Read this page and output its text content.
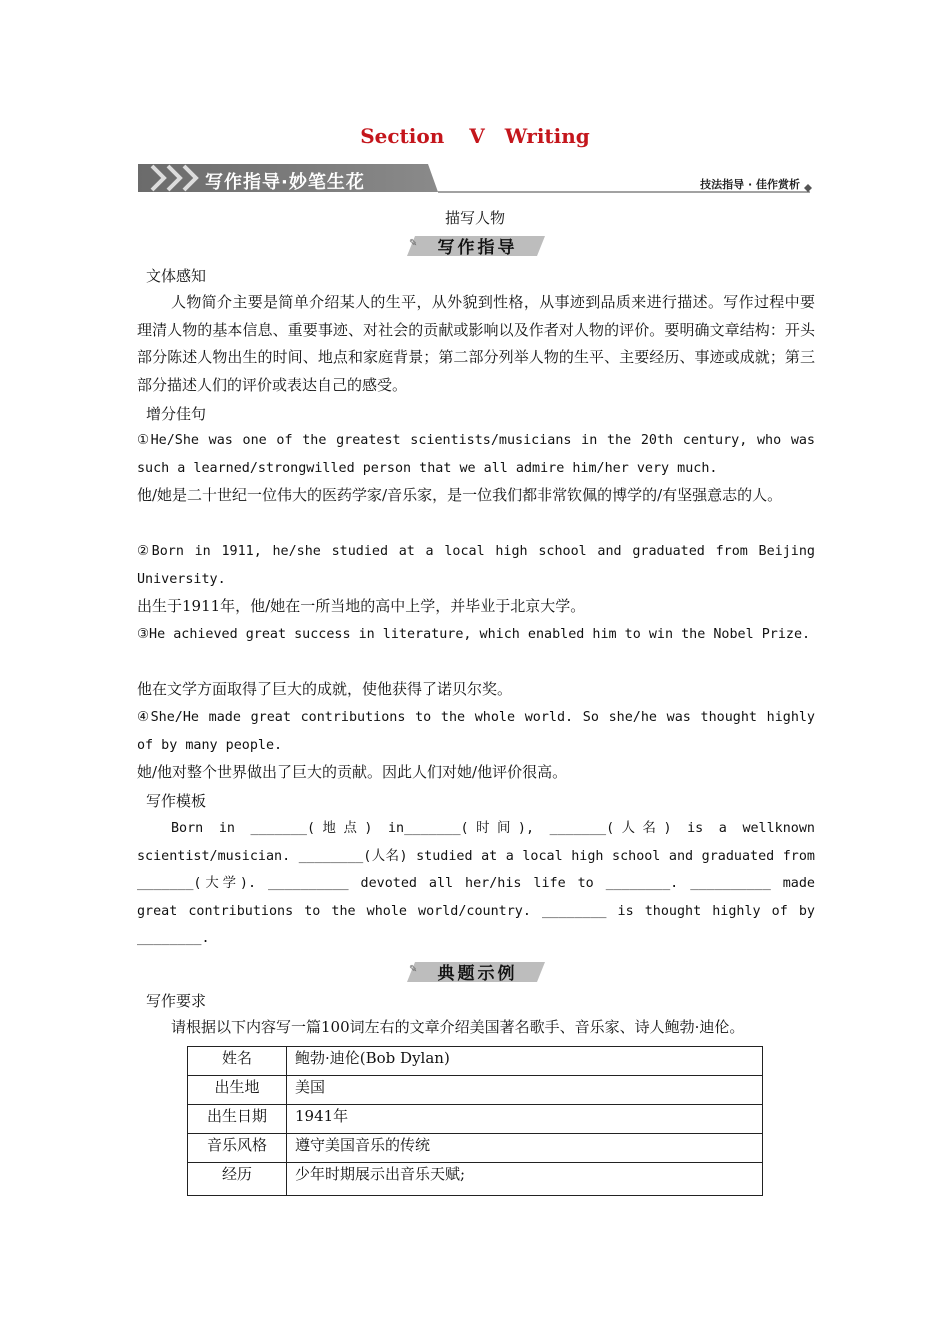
Section Ⅴ　Writing
写作指导·妙笔生花	技法指导 · 佳作赏析
描写人物
✎	写作指导
文体感知
人物简介主要是简单介绍某人的生平，从外貌到性格，从事迹到品质来进行描述。写作过程中要理清人物的基本信息、重要事迹、对社会的贡献或影响以及作者对人物的评价。要明确文章结构：开头部分陈述人物出生的时间、地点和家庭背景；第二部分列举人物的生平、主要经历、事迹或成就；第三部分描述人们的评价或表达自己的感受。
增分佳句
①He/She was one of the greatest scientists/musicians in the 20th century, who was such a learned/strongwilled person that we all admire him/her very much.
他/她是二十世纪一位伟大的医药学家/音乐家，是一位我们都非常钦佩的博学的/有坚强意志的人。
②Born in 1911, he/she studied at a local high school and graduated from Beijing University.
出生于1911年，他/她在一所当地的高中上学，并毕业于北京大学。
③He achieved great success in literature, which enabled him to win the Nobel Prize.
他在文学方面取得了巨大的成就，使他获得了诺贝尔奖。
④She/He made great contributions to the whole world. So she/he was thought highly of by many people.
她/他对整个世界做出了巨大的贡献。因此人们对她/他评价很高。
写作模板
Born in _______(地点) in_______(时间), _______(人名) is a wellknown scientist/musician. ________(人名) studied at a local high school and graduated from _______(大学). __________ devoted all her/his life to ________. __________ made great contributions to the whole world/country. ________ is thought highly of by ________.
✎	典题示例
写作要求
请根据以下内容写一篇100词左右的文章介绍美国著名歌手、音乐家、诗人鲍勃·迪伦。
姓名	鲍勃·迪伦(Bob Dylan)
出生地	美国
出生日期	1941年
音乐风格	遵守美国音乐的传统
经历	少年时期展示出音乐天赋;
